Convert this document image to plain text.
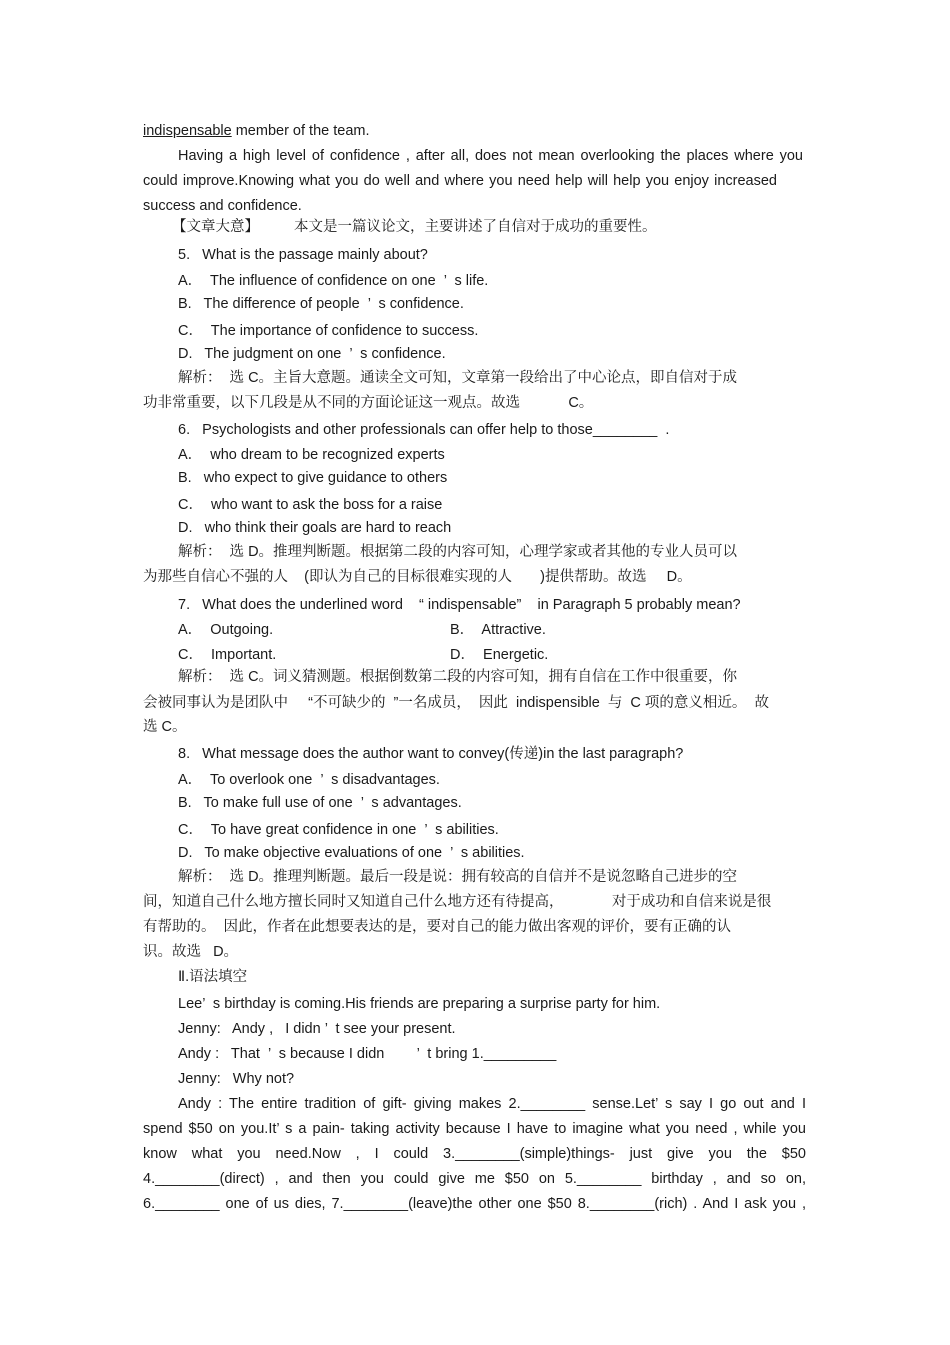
indispensable member of the team.
Having a high level of confidence , after all, does not mean overlooking the places where you
could improve.Knowing what you do well and where you need help will help you enjoy increased
success and confidence.
【文章大意】 本文是一篇议论文，主要讲述了自信对于成功的重要性。
5.   What is the passage mainly about?
A．  The influence of confidence on one  ’  s life.
B.   The difference of people  ’  s confidence.
C．  The importance of confidence to success.
D.   The judgment on one  ’  s confidence.
解析：  选 C。主旨大意题。通读全文可知，文章第一段给出了中心论点，即自信对于成
功非常重要，以下几段是从不同的方面论证这一观点。故选            C。
6.   Psychologists and other professionals can offer help to those________  .
A．  who dream to be recognized experts
B.   who expect to give guidance to others
C．  who want to ask the boss for a raise
D.   who think their goals are hard to reach
解析：  选 D。推理判断题。根据第二段的内容可知，心理学家或者其他的专业人员可以
为那些自信心不强的人    (即认为自己的目标很难实现的人       )提供帮助。故选     D。
7.   What does the underlined word    “ indispensable”    in Paragraph 5 probably mean?
A．  Outgoing.	B．  Attractive.
C．  Important.	D．  Energetic.
解析：  选 C。词义猜测题。根据倒数第二段的内容可知，拥有自信在工作中很重要，你
会被同事认为是团队中     “不可缺少的  ”一名成员，  因此  indispensible  与  C 项的意义相近。  故
选 C。
8.   What message does the author want to convey(传递)in the last paragraph?
A．  To overlook one  ’  s disadvantages.
B.   To make full use of one  ’  s advantages.
C．  To have great confidence in one  ’  s abilities.
D.   To make objective evaluations of one  ’  s abilities.
解析：  选 D。推理判断题。最后一段是说：拥有较高的自信并不是说忽略自己进步的空
间，知道自己什么地方擅长同时又知道自己什么地方还有待提高，            对于成功和自信来说是很
有帮助的。  因此，作者在此想要表达的是，要对自己的能力做出客观的评价，要有正确的认
识。故选   D。
Ⅱ.语法填空
Lee’  s birthday is coming.His friends are preparing a surprise party for him.
Jenny:   Andy ,   I didn ’  t see your present.
Andy :   That  ’  s because I didn        ’  t bring 1._________
Jenny:   Why not?
Andy : The entire tradition of gift- giving makes 2.________ sense.Let’ s say I go out and I
spend $50 on you.It’ s a pain- taking activity because I have to imagine what you need , while you
know what you need.Now , I could 3.________(simple)things- just give you the $50
4.________(direct) , and then you could give me $50 on 5.________ birthday , and so on,
6.________ one of us dies, 7.________(leave)the other one $50 8.________(rich) . And I ask you ,
